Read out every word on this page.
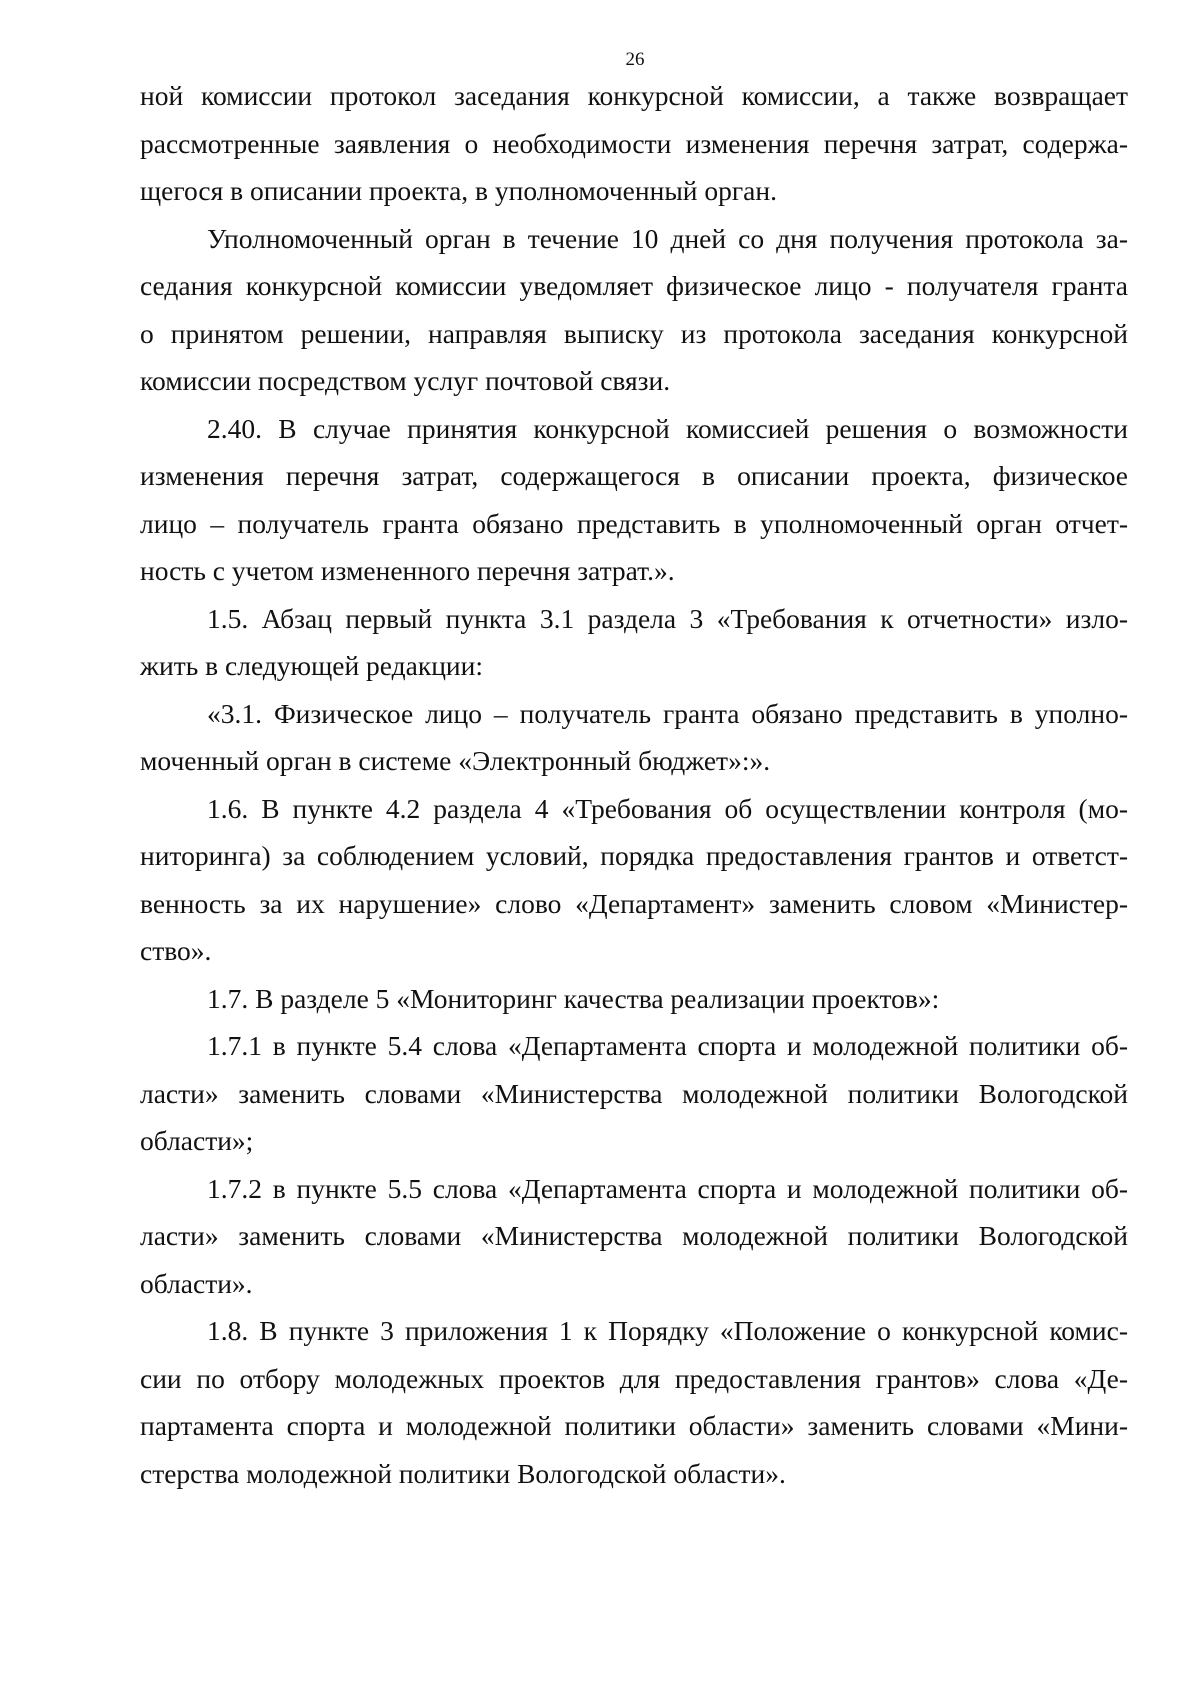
26
ной комиссии протокол заседания конкурсной комиссии, а также возвращает
рассмотренные заявления о необходимости изменения перечня затрат, содержа-
щегося в описании проекта, в уполномоченный орган.
Уполномоченный орган в течение 10 дней со дня получения протокола за-
седания конкурсной комиссии уведомляет физическое лицо - получателя гранта
о принятом решении, направляя выписку из протокола заседания конкурсной
комиссии посредством услуг почтовой связи.
2.40. В случае принятия конкурсной комиссией решения о возможности
изменения перечня затрат, содержащегося в описании проекта, физическое
лицо – получатель гранта обязано представить в уполномоченный орган отчет-
ность с учетом измененного перечня затрат.».
1.5. Абзац первый пункта 3.1 раздела 3 «Требования к отчетности» изло-
жить в следующей редакции:
«3.1. Физическое лицо – получатель гранта обязано представить в уполно-
моченный орган в системе «Электронный бюджет»:».
1.6. В пункте 4.2 раздела 4 «Требования об осуществлении контроля (мо-
ниторинга) за соблюдением условий, порядка предоставления грантов и ответст-
венность за их нарушение» слово «Департамент» заменить словом «Министер-
ство».
1.7. В разделе 5 «Мониторинг качества реализации проектов»:
1.7.1 в пункте 5.4 слова «Департамента спорта и молодежной политики об-
ласти» заменить словами «Министерства молодежной политики Вологодской
области»;
1.7.2 в пункте 5.5 слова «Департамента спорта и молодежной политики об-
ласти» заменить словами «Министерства молодежной политики Вологодской
области».
1.8. В пункте 3 приложения 1 к Порядку «Положение о конкурсной комис-
сии по отбору молодежных проектов для предоставления грантов» слова «Де-
партамента спорта и молодежной политики области» заменить словами «Мини-
стерства молодежной политики Вологодской области».
